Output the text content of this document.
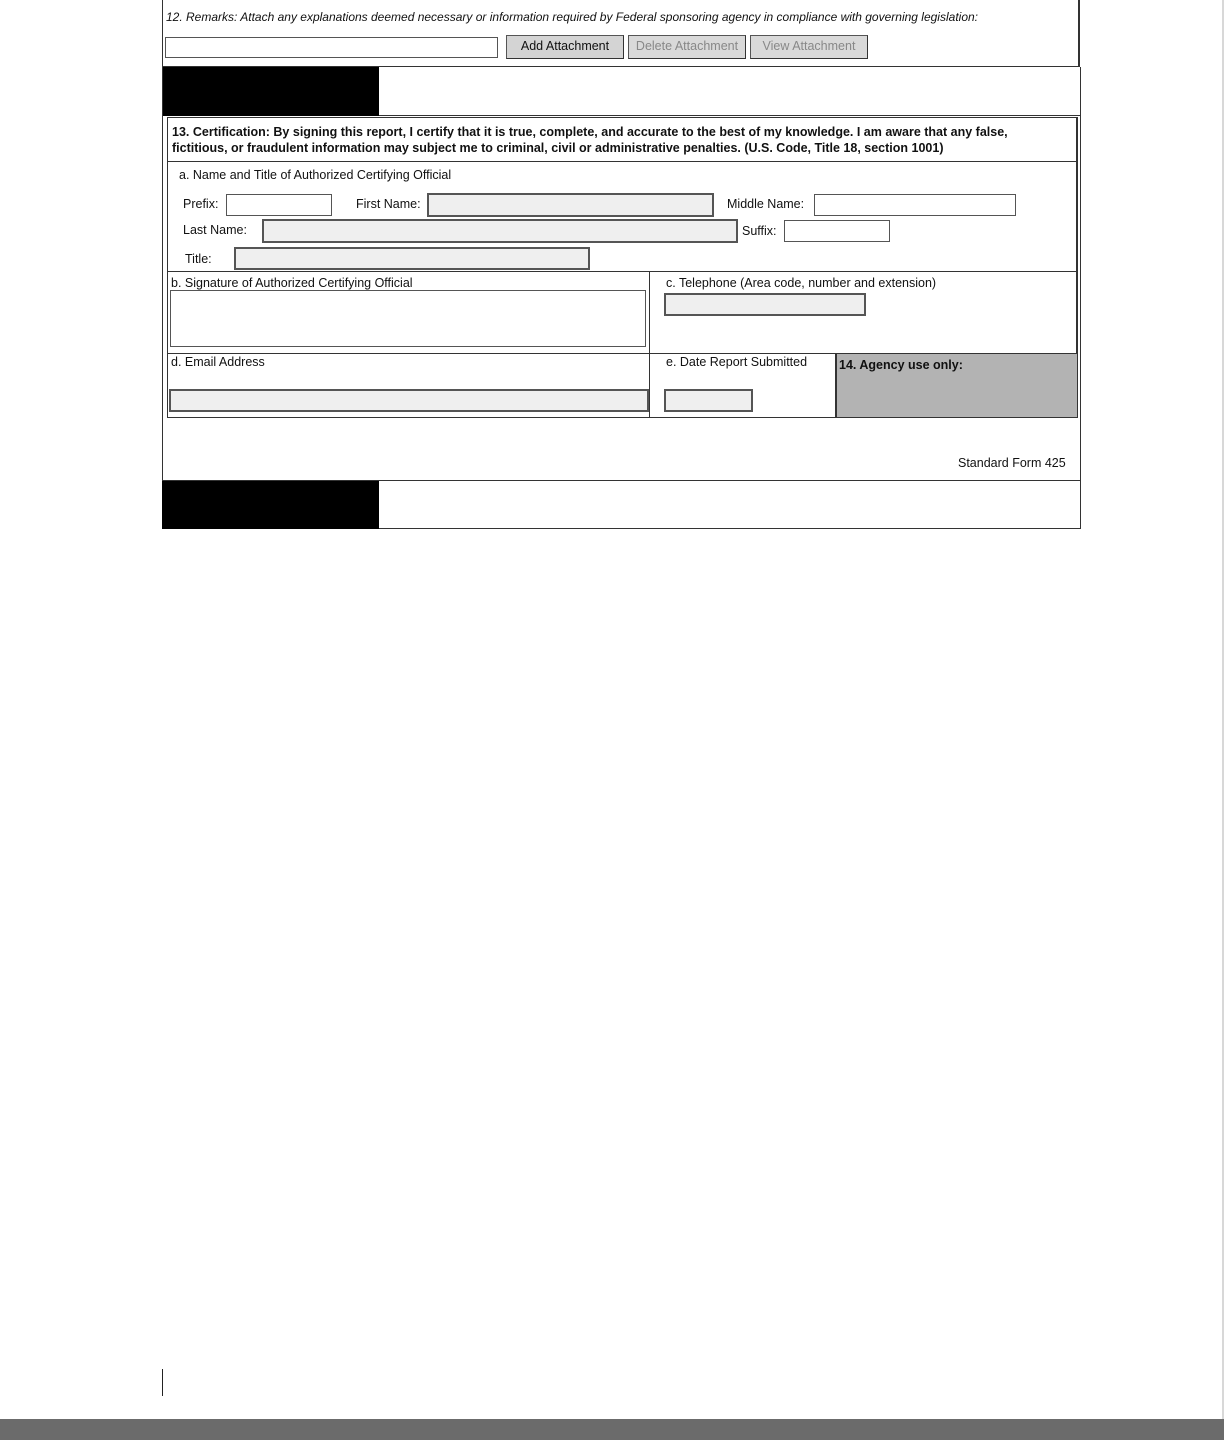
12. Remarks: Attach any explanations deemed necessary or information required by Federal sponsoring agency in compliance with governing legislation:
Add Attachment	Delete Attachment	View Attachment
13. Certification: By signing this report, I certify that it is true, complete, and accurate to the best of my knowledge. I am aware that any false,
fictitious, or fraudulent information may subject me to criminal, civil or administrative penalties. (U.S. Code, Title 18, section 1001)
a. Name and Title of Authorized Certifying Official
Prefix:	First Name:	Middle Name:
Last Name:	Suffix:
Title:
b. Signature of Authorized Certifying Official	c. Telephone (Area code, number and extension)
d. Email Address	e. Date Report Submitted	14. Agency use only:
Standard Form 425
